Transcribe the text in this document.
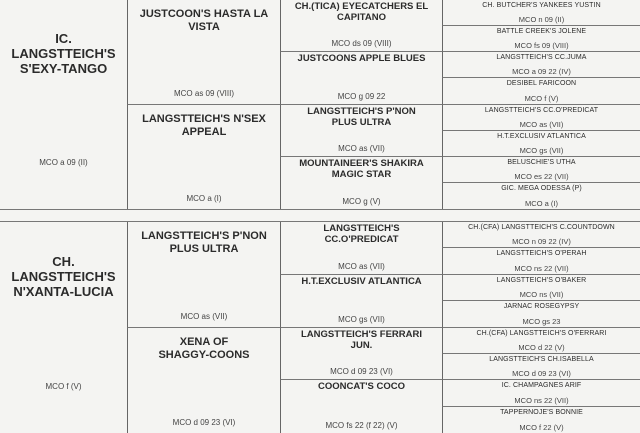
IC.
LANGSTTEICH'S
S'EXY-TANGO
MCO a 09 (II)
JUSTCOON'S HASTA LA
VISTA
MCO as 09 (VIII)
CH.(TICA) EYECATCHERS EL
CAPITANO
MCO ds 09 (VIII)
CH. BUTCHER'S YANKEES YUSTIN
MCO n 09 (II)
BATTLE CREEK'S JOLENE
MCO fs 09 (VIII)
JUSTCOONS APPLE BLUES
MCO g 09 22
LANGSTTEICH'S CC.JUMA
MCO a 09 22 (IV)
DESIBEL FARICOON
MCO f (V)
LANGSTTEICH'S N'SEX
APPEAL
MCO a (I)
LANGSTTEICH'S P'NON
PLUS ULTRA
MCO as (VII)
LANGSTTEICH'S CC.O'PREDICAT
MCO as (VII)
H.T.EXCLUSIV ATLANTICA
MCO gs (VII)
MOUNTAINEER'S SHAKIRA
MAGIC STAR
MCO g (V)
BELUSCHIE'S UTHA
MCO es 22 (VII)
GIC. MEGA ODESSA (P)
MCO a (I)
CH.
LANGSTTEICH'S
N'XANTA-LUCIA
MCO f (V)
LANGSTTEICH'S P'NON
PLUS ULTRA
MCO as (VII)
LANGSTTEICH'S
CC.O'PREDICAT
MCO as (VII)
CH.(CFA) LANGSTTEICH'S C.COUNTDOWN
MCO n 09 22 (IV)
LANGSTTEICH'S O'PERAH
MCO ns 22 (VII)
H.T.EXCLUSIV ATLANTICA
MCO gs (VII)
LANGSTTEICH'S O'BAKER
MCO ns (VII)
JARNAC ROSEGYPSY
MCO gs 23
XENA OF
SHAGGY-COONS
MCO d 09 23 (VI)
LANGSTTEICH'S FERRARI
JUN.
MCO d 09 23 (VI)
CH.(CFA) LANGSTTEICH'S O'FERRARI
MCO d 22 (V)
LANGSTTEICH'S CH.ISABELLA
MCO d 09 23 (VI)
COONCAT'S COCO
MCO fs 22 (f 22) (V)
IC. CHAMPAGNES ARIF
MCO ns 22 (VII)
TAPPERNOJE'S BONNIE
MCO f 22 (V)
